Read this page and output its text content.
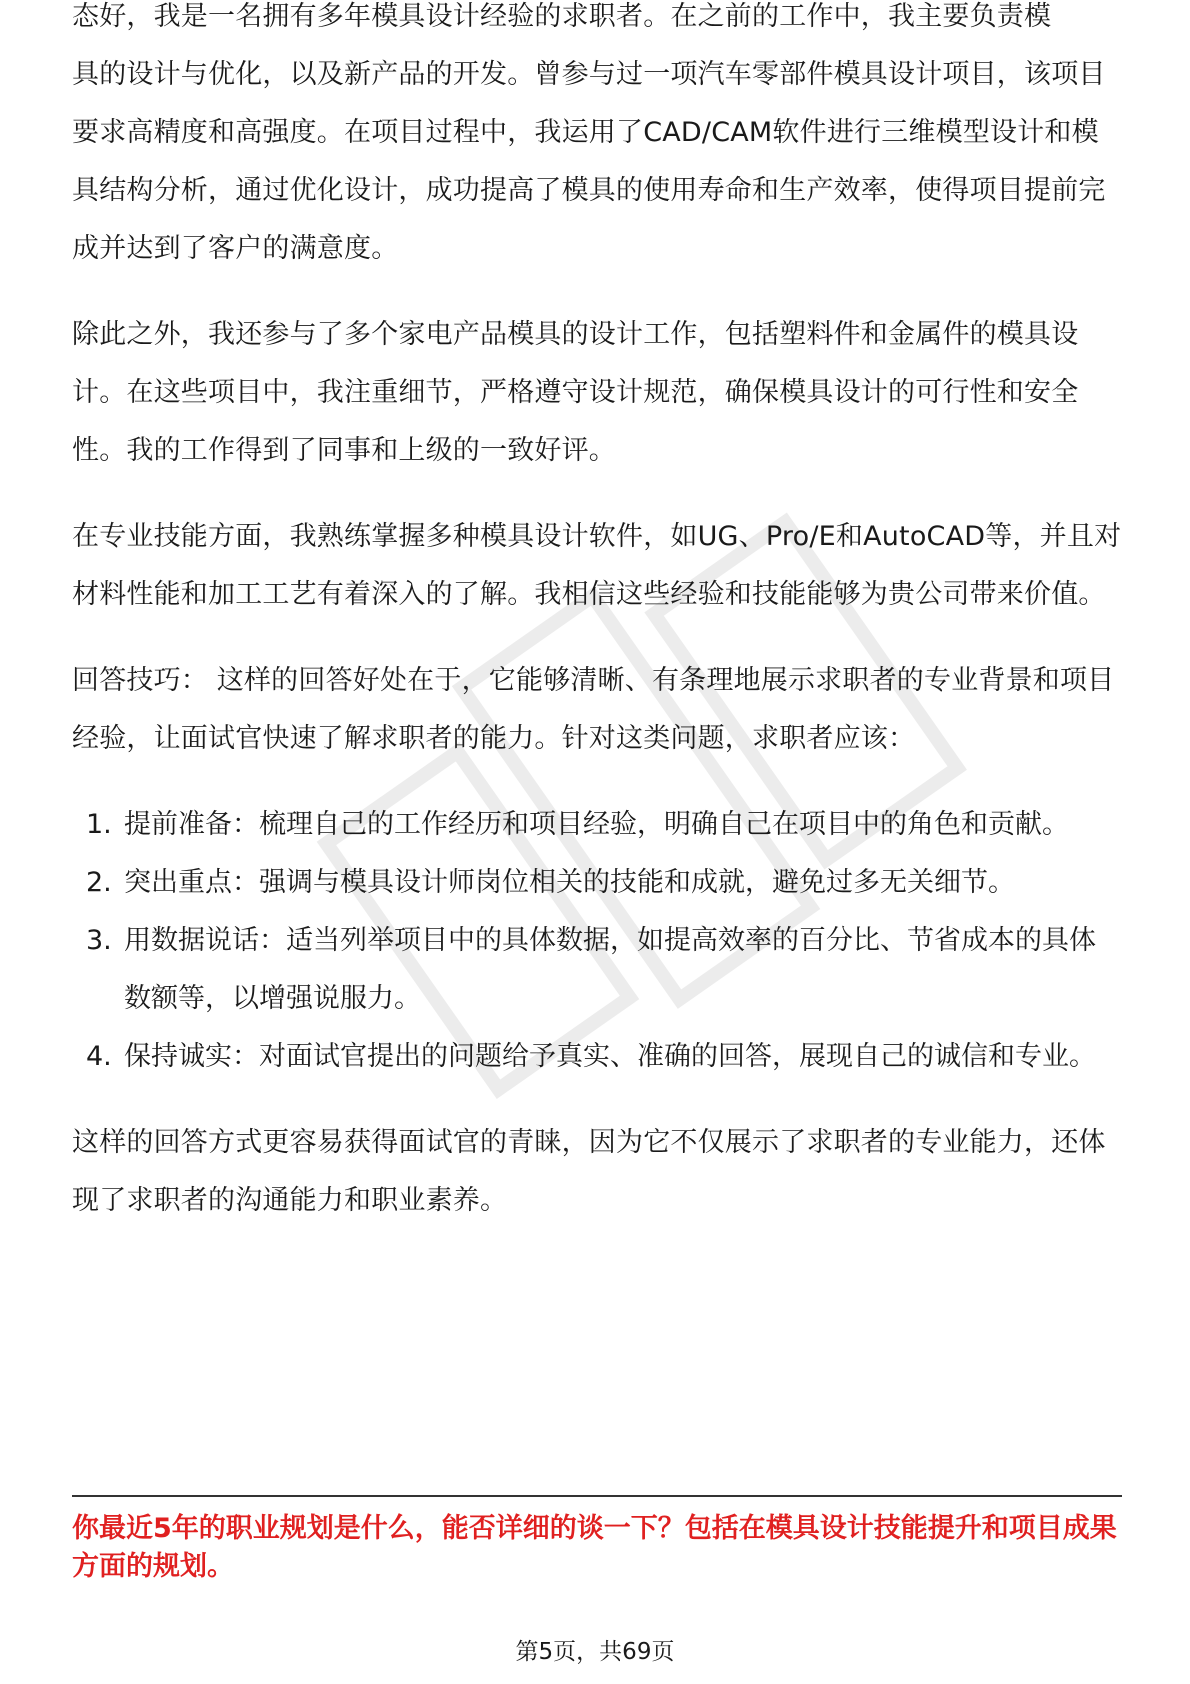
态好，我是一名拥有多年模具设计经验的求职者。在之前的工作中，我主要负责模
具的设计与优化，以及新产品的开发。曾参与过一项汽车零部件模具设计项目，该项目要求高精度和高强度。在项目过程中，我运用了CAD/CAM软件进行三维模型设计和模具结构分析，通过优化设计，成功提高了模具的使用寿命和生产效率，使得项目提前完成并达到了客户的满意度。
除此之外，我还参与了多个家电产品模具的设计工作，包括塑料件和金属件的模具设计。在这些项目中，我注重细节，严格遵守设计规范，确保模具设计的可行性和安全性。我的工作得到了同事和上级的一致好评。
在专业技能方面，我熟练掌握多种模具设计软件，如UG、Pro/E和AutoCAD等，并且对材料性能和加工工艺有着深入的了解。我相信这些经验和技能能够为贵公司带来价值。
回答技巧： 这样的回答好处在于，它能够清晰、有条理地展示求职者的专业背景和项目经验，让面试官快速了解求职者的能力。针对这类问题，求职者应该：
1. 提前准备：梳理自己的工作经历和项目经验，明确自己在项目中的角色和贡献。
2. 突出重点：强调与模具设计师岗位相关的技能和成就，避免过多无关细节。
3. 用数据说话：适当列举项目中的具体数据，如提高效率的百分比、节省成本的具体数额等，以增强说服力。
4. 保持诚实：对面试官提出的问题给予真实、准确的回答，展现自己的诚信和专业。
这样的回答方式更容易获得面试官的青睐，因为它不仅展示了求职者的专业能力，还体现了求职者的沟通能力和职业素养。
你最近5年的职业规划是什么，能否详细的谈一下？包括在模具设计技能提升和项目成果方面的规划。
第5页，共69页
